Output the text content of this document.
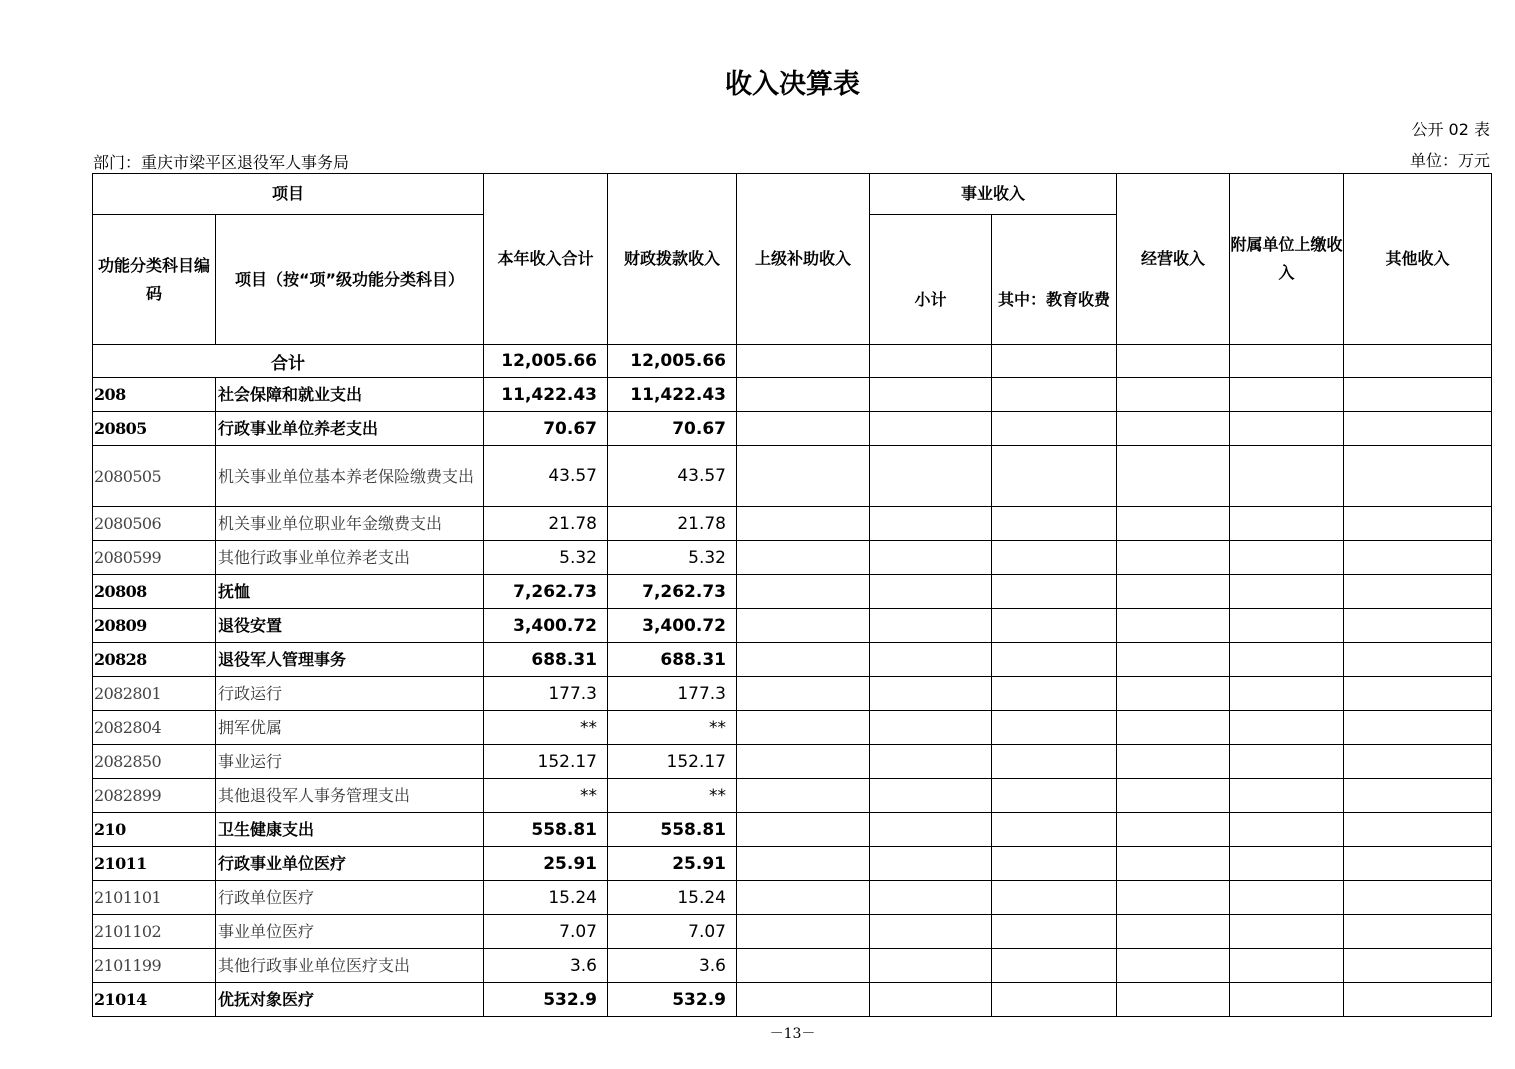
收入决算表
公开 02 表
部门：重庆市梁平区退役军人事务局	单位：万元
项目		本年收入合计	财政拨款收入	上级补助收入	事业收入		经营收入	附属单位上缴收入	其他收入
功能分类科目编码	项目（按“项”级功能分类科目）				小计	其中：教育收费			
合计		12,005.66	12,005.66						
208	社会保障和就业支出	11,422.43	11,422.43						
20805	行政事业单位养老支出	70.67	70.67						
2080505	机关事业单位基本养老保险缴费支出	43.57	43.57						
2080506	机关事业单位职业年金缴费支出	21.78	21.78						
2080599	其他行政事业单位养老支出	5.32	5.32						
20808	抚恤	7,262.73	7,262.73						
20809	退役安置	3,400.72	3,400.72						
20828	退役军人管理事务	688.31	688.31						
2082801	行政运行	177.3	177.3						
2082804	拥军优属	**	**						
2082850	事业运行	152.17	152.17						
2082899	其他退役军人事务管理支出	**	**						
210	卫生健康支出	558.81	558.81						
21011	行政事业单位医疗	25.91	25.91						
2101101	行政单位医疗	15.24	15.24						
2101102	事业单位医疗	7.07	7.07						
2101199	其他行政事业单位医疗支出	3.6	3.6						
21014	优抚对象医疗	532.9	532.9						
－13－
